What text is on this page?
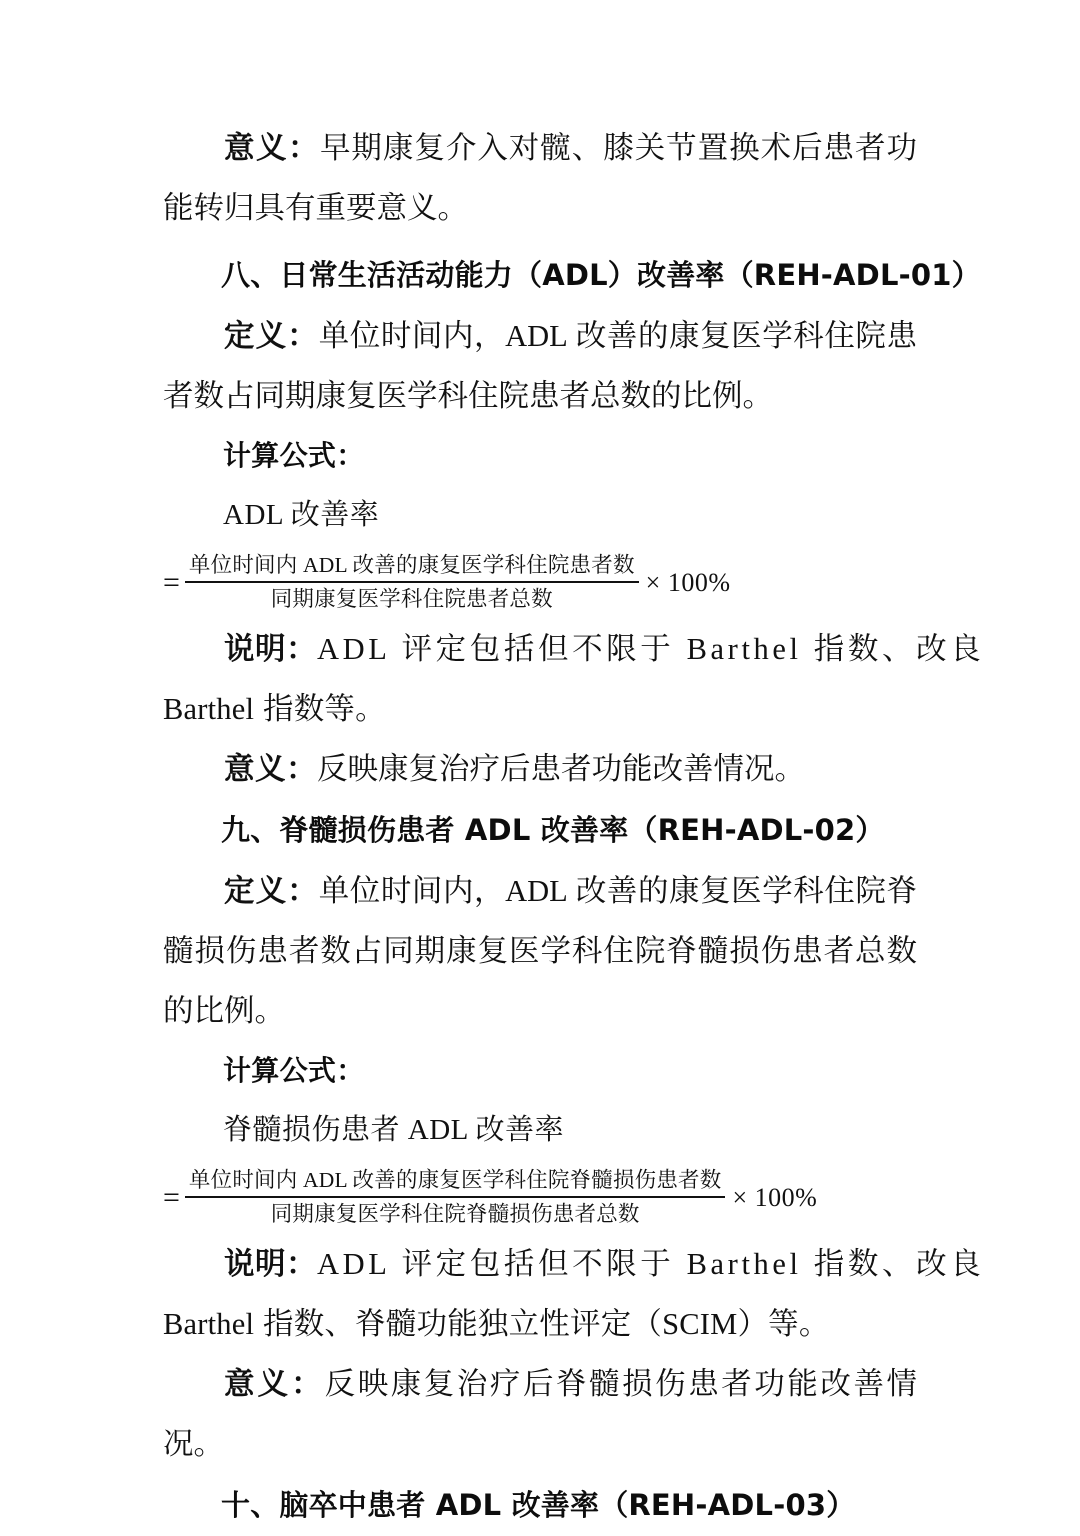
意义：早期康复介入对髋、膝关节置换术后患者功能转归具有重要意义。

八、日常生活活动能力（ADL）改善率（REH-ADL-01）

定义：单位时间内，ADL 改善的康复医学科住院患者数占同期康复医学科住院患者总数的比例。

计算公式：

ADL 改善率

= $\frac{\text{单位时间内 ADL 改善的康复医学科住院患者数}}{\text{同期康复医学科住院患者总数}} \times 100\%$

说明：ADL 评定包括但不限于 Barthel 指数、改良
Barthel 指数等。

意义：反映康复治疗后患者功能改善情况。

九、脊髓损伤患者 ADL 改善率（REH-ADL-02）

定义：单位时间内，ADL 改善的康复医学科住院脊髓损伤患者数占同期康复医学科住院脊髓损伤患者总数的比例。

计算公式：

脊髓损伤患者 ADL 改善率

= $\frac{\text{单位时间内 ADL 改善的康复医学科住院脊髓损伤患者数}}{\text{同期康复医学科住院脊髓损伤患者总数}} \times 100\%$

说明：ADL 评定包括但不限于 Barthel 指数、改良
Barthel 指数、脊髓功能独立性评定（SCIM）等。

意义：反映康复治疗后脊髓损伤患者功能改善情况。

十、脑卒中患者 ADL 改善率（REH-ADL-03）
